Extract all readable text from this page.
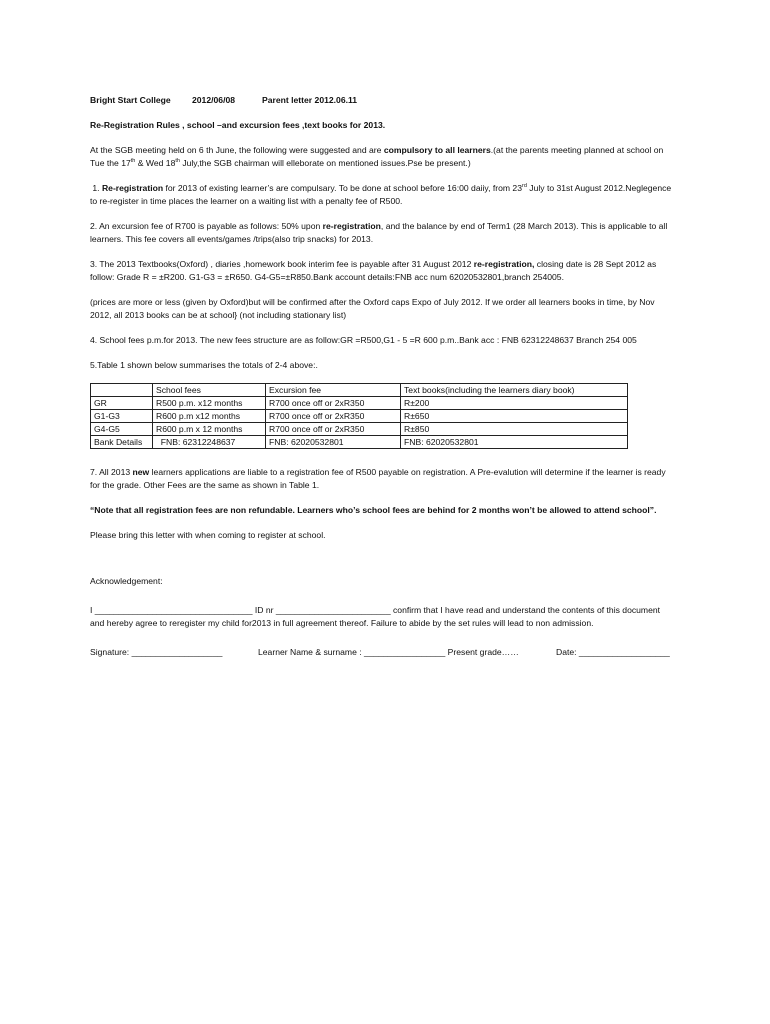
Bright Start College 2012/06/08	Parent letter 2012.06.11

Re-Registration Rules , school –and excursion fees ,text books for 2013.

At the SGB meeting held on 6 th June, the following were suggested and are compulsory to all learners.(at the parents meeting planned at school on Tue the 17th & Wed 18th July,the SGB chairman will elleborate on mentioned issues.Pse be present.)

1. Re-registration for 2013 of existing learner’s are compulsary. To be done at school before 16:00 daiiy, from 23rd July to 31st August 2012.Neglegence to re-register in time places the learner on a waiting list with a penalty fee of R500.

2. An excursion fee of R700 is payable as follows: 50% upon re-registration, and the balance by end of Term1 (28 March 2013). This is applicable to all learners. This fee covers all events/games /trips(also trip snacks) for 2013.

3. The 2013 Textbooks(Oxford) , diaries ,homework book interim fee is payable after 31 August 2012 re-registration, closing date is 28 Sept 2012 as follow: Grade R = ±R200. G1-G3 = ±R650. G4-G5=±R850.Bank account details:FNB acc num 62020532801,branch 254005.

(prices are more or less (given by Oxford)but will be confirmed after the Oxford caps Expo of July 2012. If we order all learners books in time, by Nov 2012, all 2013 books can be at school} (not including stationary list)

4. School fees p.m.for 2013. The new fees structure are as follow:GR =R500,G1 - 5 =R 600 p.m..Bank acc : FNB 62312248637 Branch 254 005

5.Table 1 shown below summarises the totals of 2-4 above:.

	School fees	Excursion fee	Text books(including the learners diary book)
GR	R500 p.m. x12 months	R700 once off or 2xR350	R±200
G1-G3	R600 p.m x12 months	R700 once off or 2xR350	R±650
G4-G5	R600 p.m x 12 months	R700 once off or 2xR350	R±850
Bank Details	FNB: 62312248637	FNB: 62020532801	FNB: 62020532801

7. All 2013 new learners applications are liable to a registration fee of R500 payable on registration. A Pre-evalution will determine if the learner is ready for the grade. Other Fees are the same as shown in Table 1.

“Note that all registration fees are non refundable. Learners who’s school fees are behind for 2 months won’t be allowed to attend school”.

Please bring this letter with when coming to register at school.

Acknowledgement:

I _________________________________ ID nr ________________________ confirm that I have read and understand the contents of this document and hereby agree to reregister my child for2013 in full agreement thereof. Failure to abide by the set rules will lead to non admission.

Signature: ___________________	Learner Name & surname : _________________ Present grade……	Date: ___________________
